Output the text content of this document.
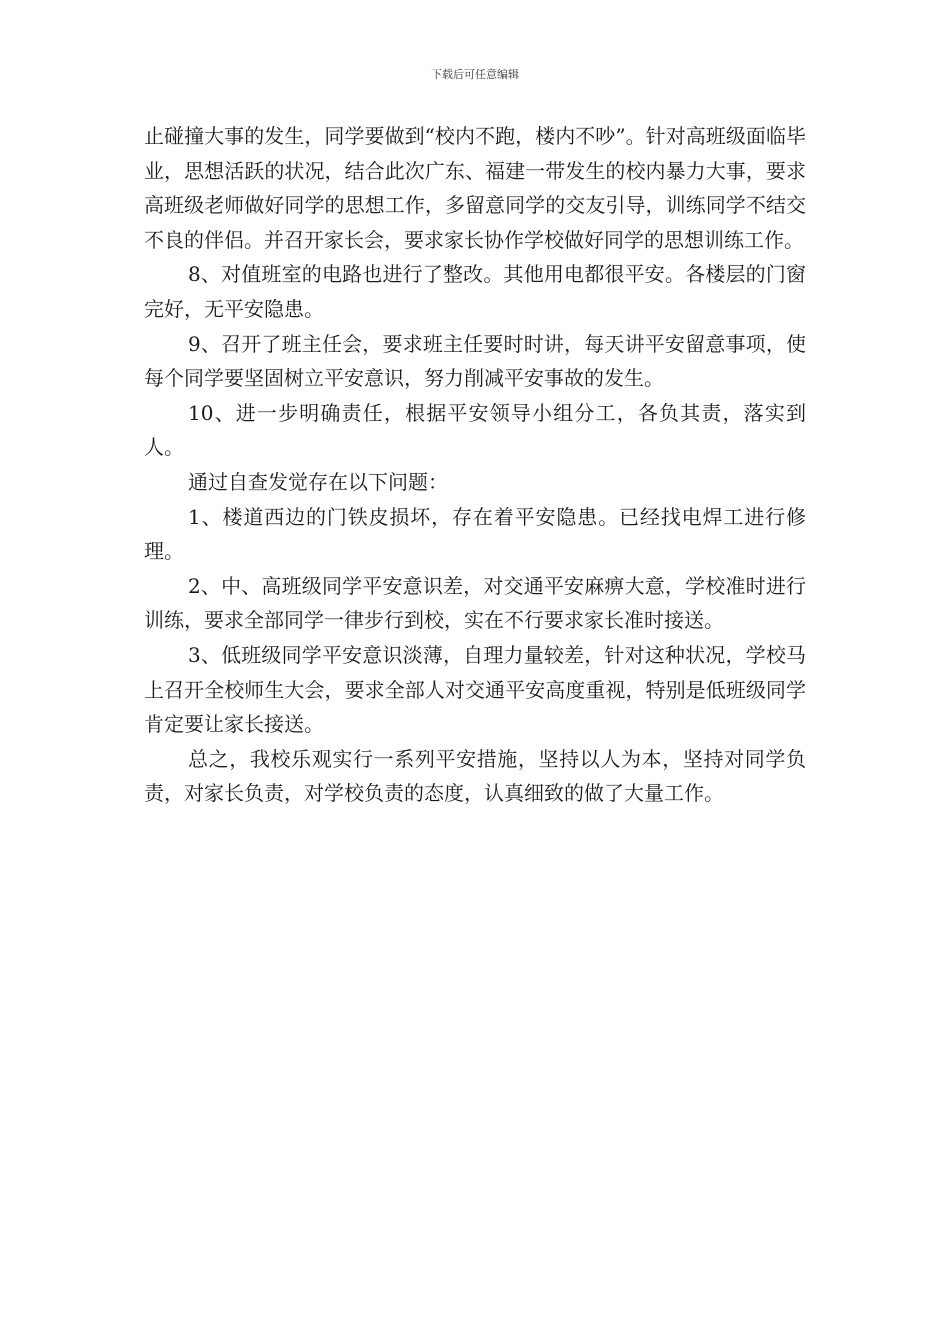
下载后可任意编辑

止碰撞大事的发生，同学要做到“校内不跑，楼内不吵”。针对高班级面临毕业，思想活跃的状况，结合此次广东、福建一带发生的校内暴力大事，要求高班级老师做好同学的思想工作，多留意同学的交友引导，训练同学不结交不良的伴侣。并召开家长会，要求家长协作学校做好同学的思想训练工作。

8、对值班室的电路也进行了整改。其他用电都很平安。各楼层的门窗完好，无平安隐患。

9、召开了班主任会，要求班主任要时时讲，每天讲平安留意事项，使每个同学要坚固树立平安意识，努力削减平安事故的发生。

10、进一步明确责任，根据平安领导小组分工，各负其责，落实到人。

通过自查发觉存在以下问题：

1、楼道西边的门铁皮损坏，存在着平安隐患。已经找电焊工进行修理。

2、中、高班级同学平安意识差，对交通平安麻痹大意，学校准时进行训练，要求全部同学一律步行到校，实在不行要求家长准时接送。

3、低班级同学平安意识淡薄，自理力量较差，针对这种状况，学校马上召开全校师生大会，要求全部人对交通平安高度重视，特别是低班级同学肯定要让家长接送。

总之，我校乐观实行一系列平安措施，坚持以人为本，坚持对同学负责，对家长负责，对学校负责的态度，认真细致的做了大量工作。
